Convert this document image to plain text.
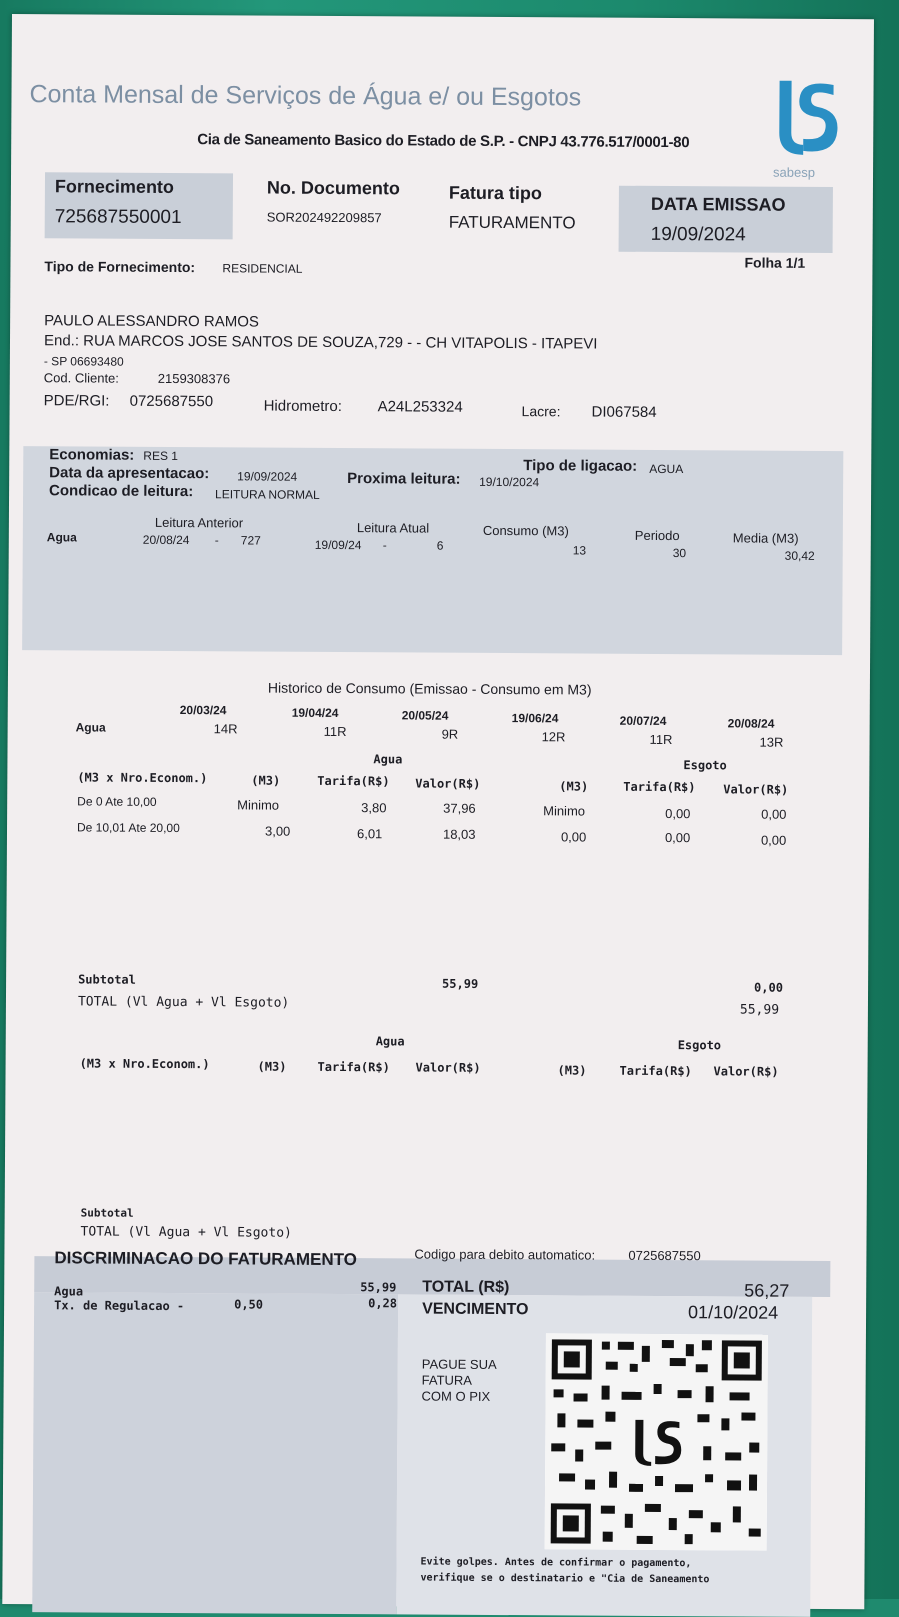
Conta Mensal de Serviços de Água e/ ou Esgotos
Cia de Saneamento Basico do Estado de S.P. - CNPJ 43.776.517/0001-80
sabesp
Fornecimento
725687550001
No. Documento
SOR202492209857
Fatura tipo
FATURAMENTO
DATA EMISSAO
19/09/2024
Folha 1/1
Tipo de Fornecimento: RESIDENCIAL
PAULO ALESSANDRO RAMOS
End.: RUA MARCOS JOSE SANTOS DE SOUZA,729 - - CH VITAPOLIS - ITAPEVI
- SP 06693480
Cod. Cliente:	2159308376
PDE/RGI: 0725687550	Hidrometro: A24L253324	Lacre: DI067584
Economias: RES 1
Tipo de ligacao: AGUA
Data da apresentacao: 19/09/2024	Proxima leitura: 19/10/2024
Condicao de leitura: LEITURA NORMAL
Agua
Leitura Anterior
20/08/24 - 727
Leitura Atual
19/09/24 -	6
Consumo (M3)
13
Periodo
30
Media (M3)
30,42
Historico de Consumo (Emissao - Consumo em M3)
Agua
20/03/24	19/04/24	20/05/24	19/06/24	20/07/24	20/08/24
14R	11R	9R	12R	11R	13R
Agua	Esgoto
(M3 x Nro.Econom.)	(M3)	Tarifa(R$) Valor(R$)	(M3)	Tarifa(R$) Valor(R$)
De 0 Ate 10,00	Minimo	3,80	37,96	Minimo	0,00	0,00
De 10,01 Ate 20,00	3,00	6,01	18,03	0,00	0,00	0,00
Subtotal	55,99	0,00
TOTAL (Vl Agua + Vl Esgoto)	55,99
Agua	Esgoto
(M3 x Nro.Econom.)	(M3)	Tarifa(R$) Valor(R$)	(M3)	Tarifa(R$) Valor(R$)
Subtotal
TOTAL (Vl Agua + Vl Esgoto)
DISCRIMINACAO DO FATURAMENTO	Codigo para debito automatico:	0725687550
Agua	55,99
Tx. de Regulacao -	0,50	0,28
TOTAL (R$)	56,27
VENCIMENTO	01/10/2024
PAGUE SUA
FATURA
COM O PIX
Evite golpes. Antes de confirmar o pagamento,
verifique se o destinatario e "Cia de Saneamento
